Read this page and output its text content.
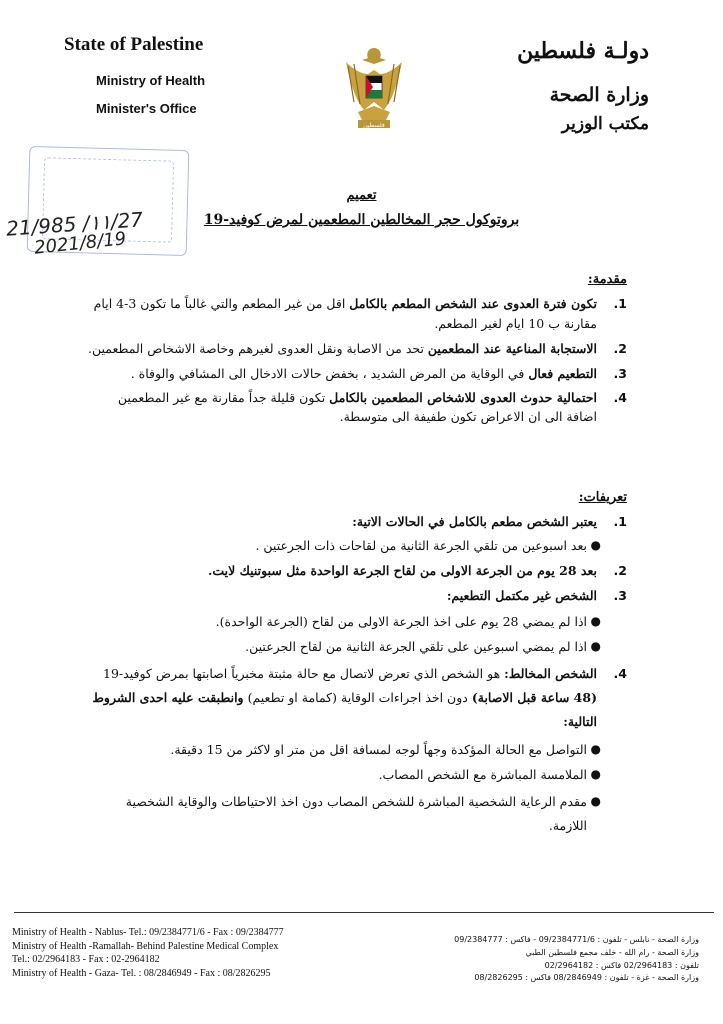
State of Palestine
Ministry of Health
Minister's Office
فلسطين
دولـة فلسطين
وزارة الصحة
مكتب الوزير
21/985 /١١/27
2021/8/19
تعميم
بروتوكول حجر المخالطين المطعمين لمرض كوفيد-19
مقدمة:

1.
تكون فترة العدوى عند الشخص المطعم بالكامل اقل من غير المطعم والتي غالباً ما تكون 3-4 ايام مقارنة ب 10 ايام لغير المطعم.

2.
الاستجابة المناعية عند المطعمين تحد من الاصابة ونقل العدوى لغيرهم وخاصة الاشخاص المطعمين.

3.
التطعيم فعال في الوقاية من المرض الشديد ، بخفض حالات الادخال الى المشافي والوفاة .

4.
احتمالية حدوث العدوى للاشخاص المطعمين بالكامل تكون قليلة جداً مقارنة مع غير المطعمين اضافة الى ان الاعراض تكون طفيفة الى متوسطة.

تعريفات:

1.
يعتبر الشخص مطعم بالكامل في الحالات الاتية:

●
بعد اسبوعين من تلقي الجرعة الثانية من لقاحات ذات الجرعتين .

2.
بعد 28 يوم من الجرعة الاولى من لقاح الجرعة الواحدة مثل سبوتنيك لايت.

3.
الشخص غير مكتمل التطعيم:

●
اذا لم يمضي 28 يوم على اخذ الجرعة الاولى من لقاح (الجرعة الواحدة).

●
اذا لم يمضي اسبوعين على تلقي الجرعة الثانية من لقاح الجرعتين.

4.
الشخص المخالط: هو الشخص الذي تعرض لاتصال مع حالة مثبتة مخبرياً اصابتها بمرض كوفيد-19 (48 ساعة قبل الاصابة) دون اخذ اجراءات الوقاية (كمامة او تطعيم) وانطبقت عليه احدى الشروط التالية:

●
التواصل مع الحالة المؤكدة وجهاً لوجه لمسافة اقل من متر او لاكثر من 15 دقيقة.

●
الملامسة المباشرة مع الشخص المصاب.

●
مقدم الرعاية الشخصية المباشرة للشخص المصاب دون اخذ الاحتياطات والوقاية الشخصية اللازمة.

Ministry of Health - Nablus- Tel.: 09/2384771/6 - Fax : 09/2384777
Ministry of Health -Ramallah- Behind Palestine Medical Complex
Tel.: 02/2964183 - Fax : 02-2964182
Ministry of Health - Gaza- Tel. : 08/2846949 - Fax : 08/2826295
وزارة الصحة - نابلس - تلفون : 09/2384771/6 - فاكس : 09/2384777
وزارة الصحة - رام الله - خلف مجمع فلسطين الطبي
تلفون : 02/2964183 فاكس : 02/2964182
وزارة الصحة - غزة - تلفون : 08/2846949 فاكس : 08/2826295
